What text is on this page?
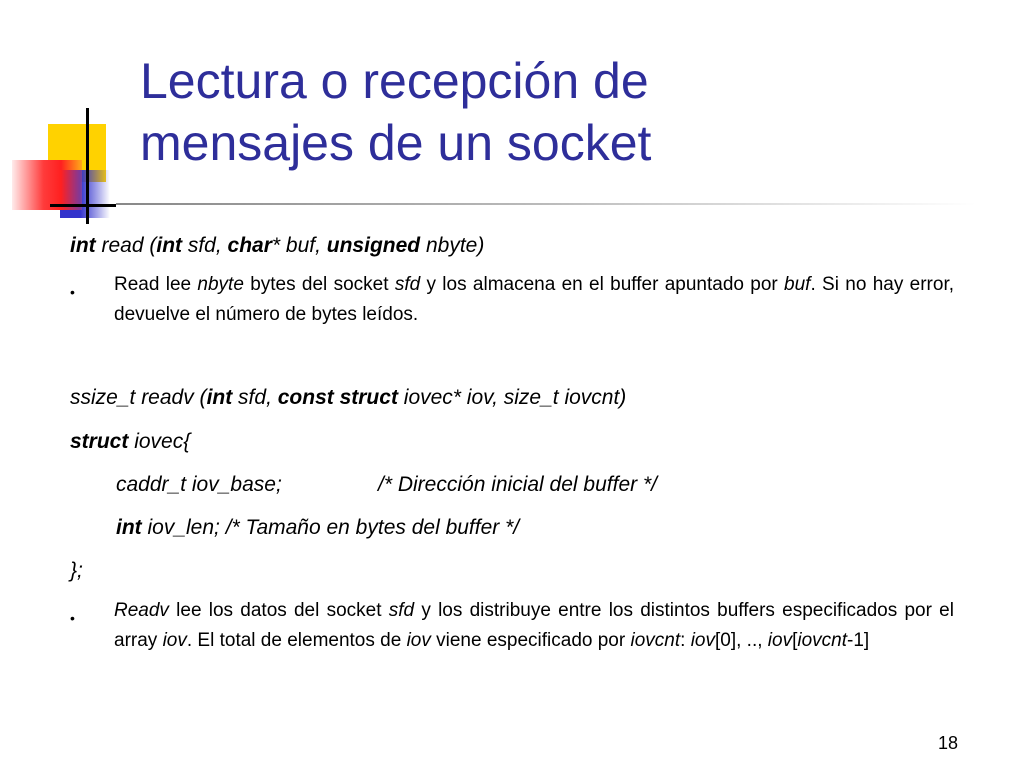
Lectura o recepción de
mensajes de un socket
int read (int sfd, char* buf, unsigned nbyte)
• Read lee nbyte bytes del socket sfd y los almacena en el buffer apuntado por buf. Si no hay error, devuelve el número de bytes leídos.
ssize_t readv (int sfd, const struct iovec* iov, size_t iovcnt)
struct iovec{
caddr_t iov_base;	/* Dirección inicial del buffer */
int iov_len; /* Tamaño en bytes del buffer */
};
• Readv lee los datos del socket sfd y los distribuye entre los distintos buffers especificados por el array iov. El total de elementos de iov viene especificado por iovcnt: iov[0], .., iov[iovcnt-1]
18
